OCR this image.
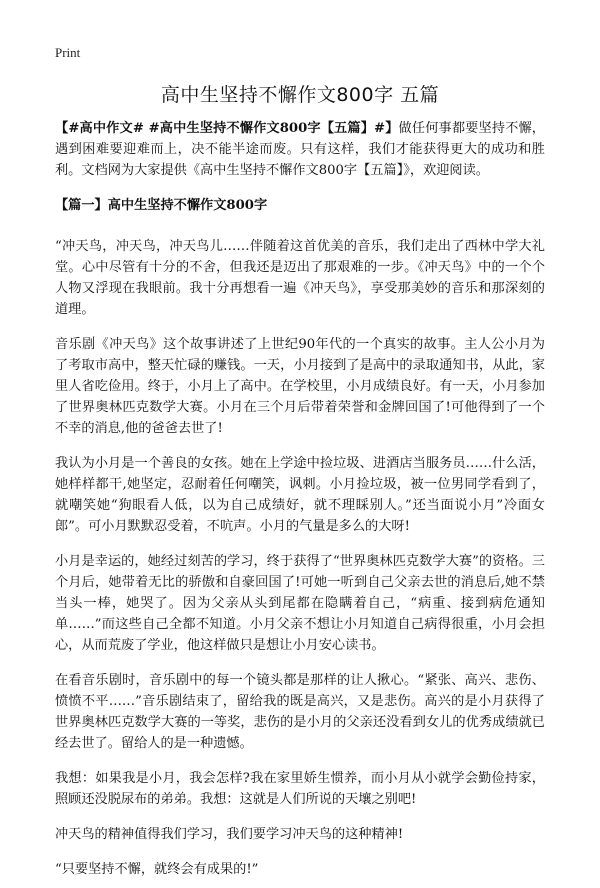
Print
高中生坚持不懈作文800字 五篇

【#高中作文# #高中生坚持不懈作文800字【五篇】#】做任何事都要坚持不懈，遇到困难要迎难而上，决不能半途而废。只有这样，我们才能获得更大的成功和胜利。文档网为大家提供《高中生坚持不懈作文800字【五篇】》，欢迎阅读。

【篇一】高中生坚持不懈作文800字

“冲天鸟，冲天鸟，冲天鸟儿……伴随着这首优美的音乐，我们走出了西林中学大礼堂。心中尽管有十分的不舍，但我还是迈出了那艰难的一步。《冲天鸟》中的一个个人物又浮现在我眼前。我十分再想看一遍《冲天鸟》，享受那美妙的音乐和那深刻的道理。

音乐剧《冲天鸟》这个故事讲述了上世纪90年代的一个真实的故事。主人公小月为了考取市高中，整天忙碌的赚钱。一天，小月接到了是高中的录取通知书，从此，家里人省吃俭用。终于，小月上了高中。在学校里，小月成绩良好。有一天，小月参加了世界奥林匹克数学大赛。小月在三个月后带着荣誉和金牌回国了!可他得到了一个不幸的消息,他的爸爸去世了!

我认为小月是一个善良的女孩。她在上学途中捡垃圾、进酒店当服务员……什么活，她样样都干,她坚定，忍耐着任何嘲笑，讽刺。小月捡垃圾，被一位男同学看到了，就嘲笑她“狗眼看人低，以为自己成绩好，就不理睬别人。”还当面说小月”冷面女郎”。可小月默默忍受着，不吭声。小月的气量是多么的大呀!

小月是幸运的，她经过刻苦的学习，终于获得了“世界奥林匹克数学大赛”的资格。三个月后，她带着无比的骄傲和自豪回国了!可她一听到自己父亲去世的消息后,她不禁当头一棒，她哭了。因为父亲从头到尾都在隐瞒着自己，“病重、接到病危通知单……”而这些自己全都不知道。小月父亲不想让小月知道自己病得很重，小月会担心，从而荒废了学业，他这样做只是想让小月安心读书。

在看音乐剧时，音乐剧中的每一个镜头都是那样的让人揪心。“紧张、高兴、悲伤、愤愤不平……”音乐剧结束了，留给我的既是高兴，又是悲伤。高兴的是小月获得了世界奥林匹克数学大赛的一等奖，悲伤的是小月的父亲还没看到女儿的优秀成绩就已经去世了。留给人的是一种遗憾。

我想：如果我是小月，我会怎样?我在家里娇生惯养，而小月从小就学会勤俭持家，照顾还没脱尿布的弟弟。我想：这就是人们所说的天壤之别吧!

冲天鸟的精神值得我们学习，我们要学习冲天鸟的这种精神!

“只要坚持不懈，就终会有成果的!”
